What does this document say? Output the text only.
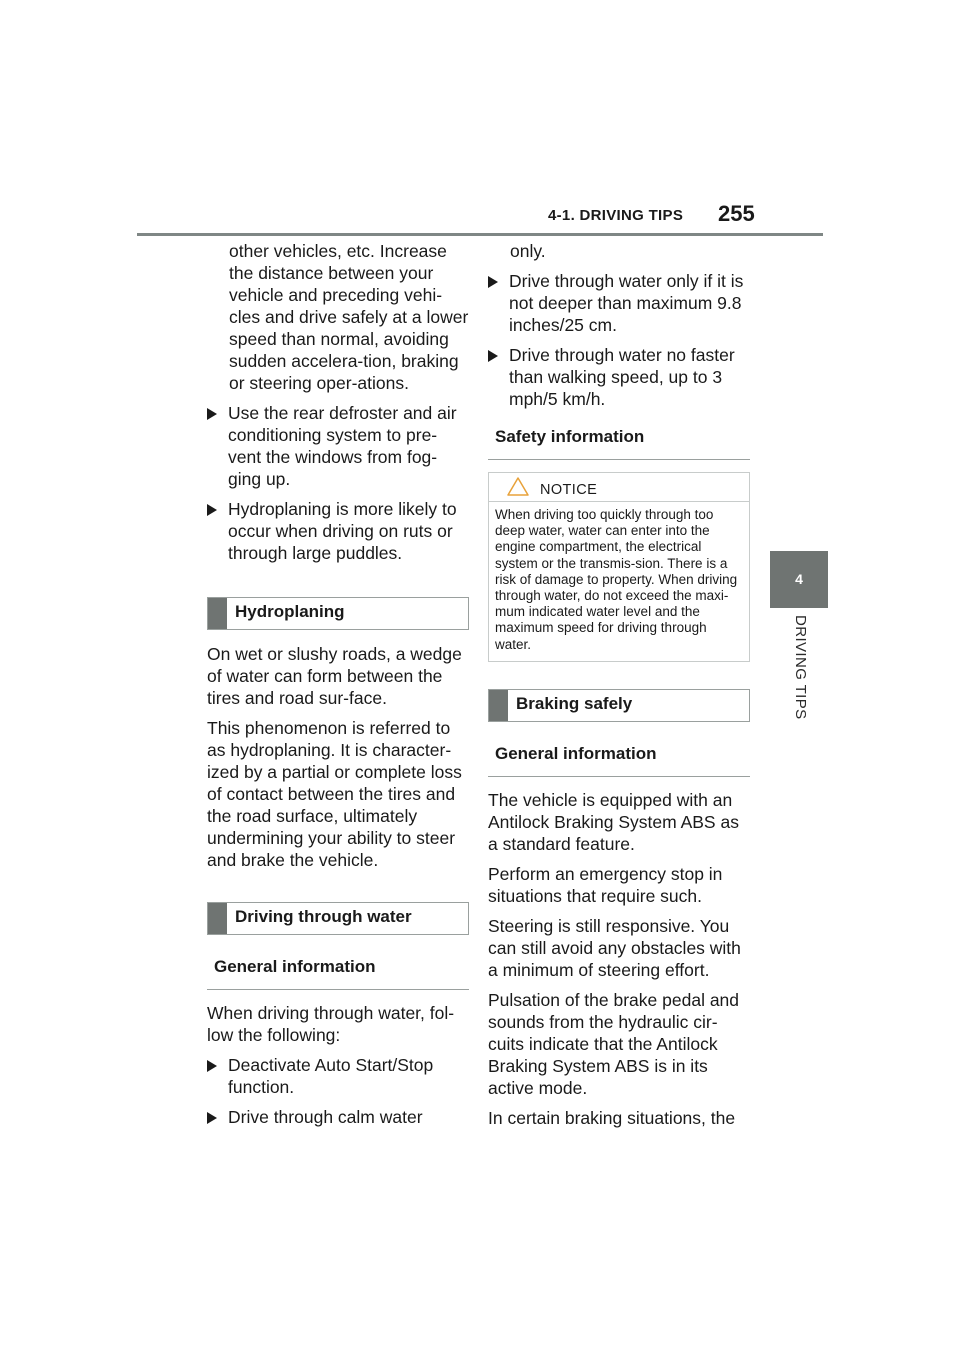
4-1. DRIVING TIPS 255
4
DRIVING TIPS

other vehicles, etc. Increase the distance between your vehicle and preceding vehi-cles and drive safely at a lower speed than normal, avoiding sudden accelera-tion, braking or steering oper-ations.

Use the rear defroster and air conditioning system to pre-vent the windows from fog-ging up.
Hydroplaning is more likely to occur when driving on ruts or through large puddles.
Hydroplaning

On wet or slushy roads, a wedge of water can form between the tires and road sur-face.

This phenomenon is referred to as hydroplaning. It is character-ized by a partial or complete loss of contact between the tires and the road surface, ultimately undermining your ability to steer and brake the vehicle.

Driving through water
General information

When driving through water, fol-low the following:

Deactivate Auto Start/Stop function.
Drive through calm water

only.

Drive through water only if it is not deeper than maximum 9.8 inches/25 cm.
Drive through water no faster than walking speed, up to 3 mph/5 km/h.
Safety information
NOTICE
When driving too quickly through too deep water, water can enter into the engine compartment, the electrical system or the transmis-sion. There is a risk of damage to property. When driving through water, do not exceed the maxi-mum indicated water level and the maximum speed for driving through water.
Braking safely
General information

The vehicle is equipped with an Antilock Braking System ABS as a standard feature.

Perform an emergency stop in situations that require such.

Steering is still responsive. You can still avoid any obstacles with a minimum of steering effort.

Pulsation of the brake pedal and sounds from the hydraulic cir-cuits indicate that the Antilock Braking System ABS is in its active mode.

In certain braking situations, the
